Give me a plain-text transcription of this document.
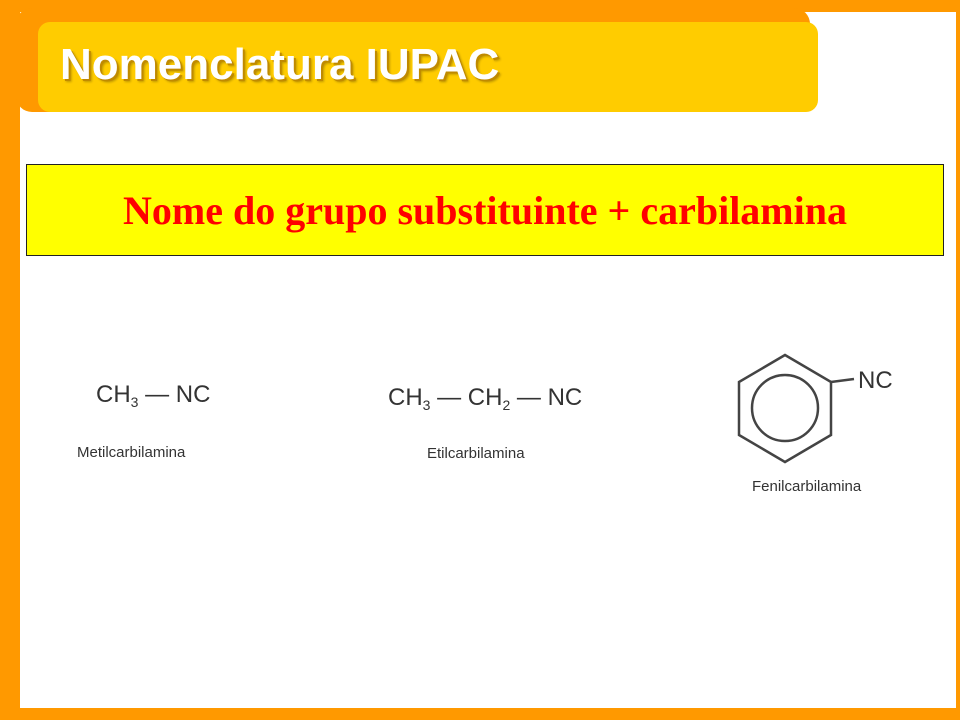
Nomenclatura IUPAC
Nome do grupo substituinte + carbilamina
$CH_3$ — NC
Metilcarbilamina
$CH_3$ — $CH_2$ — NC
Etilcarbilamina
NC
Fenilcarbilamina
